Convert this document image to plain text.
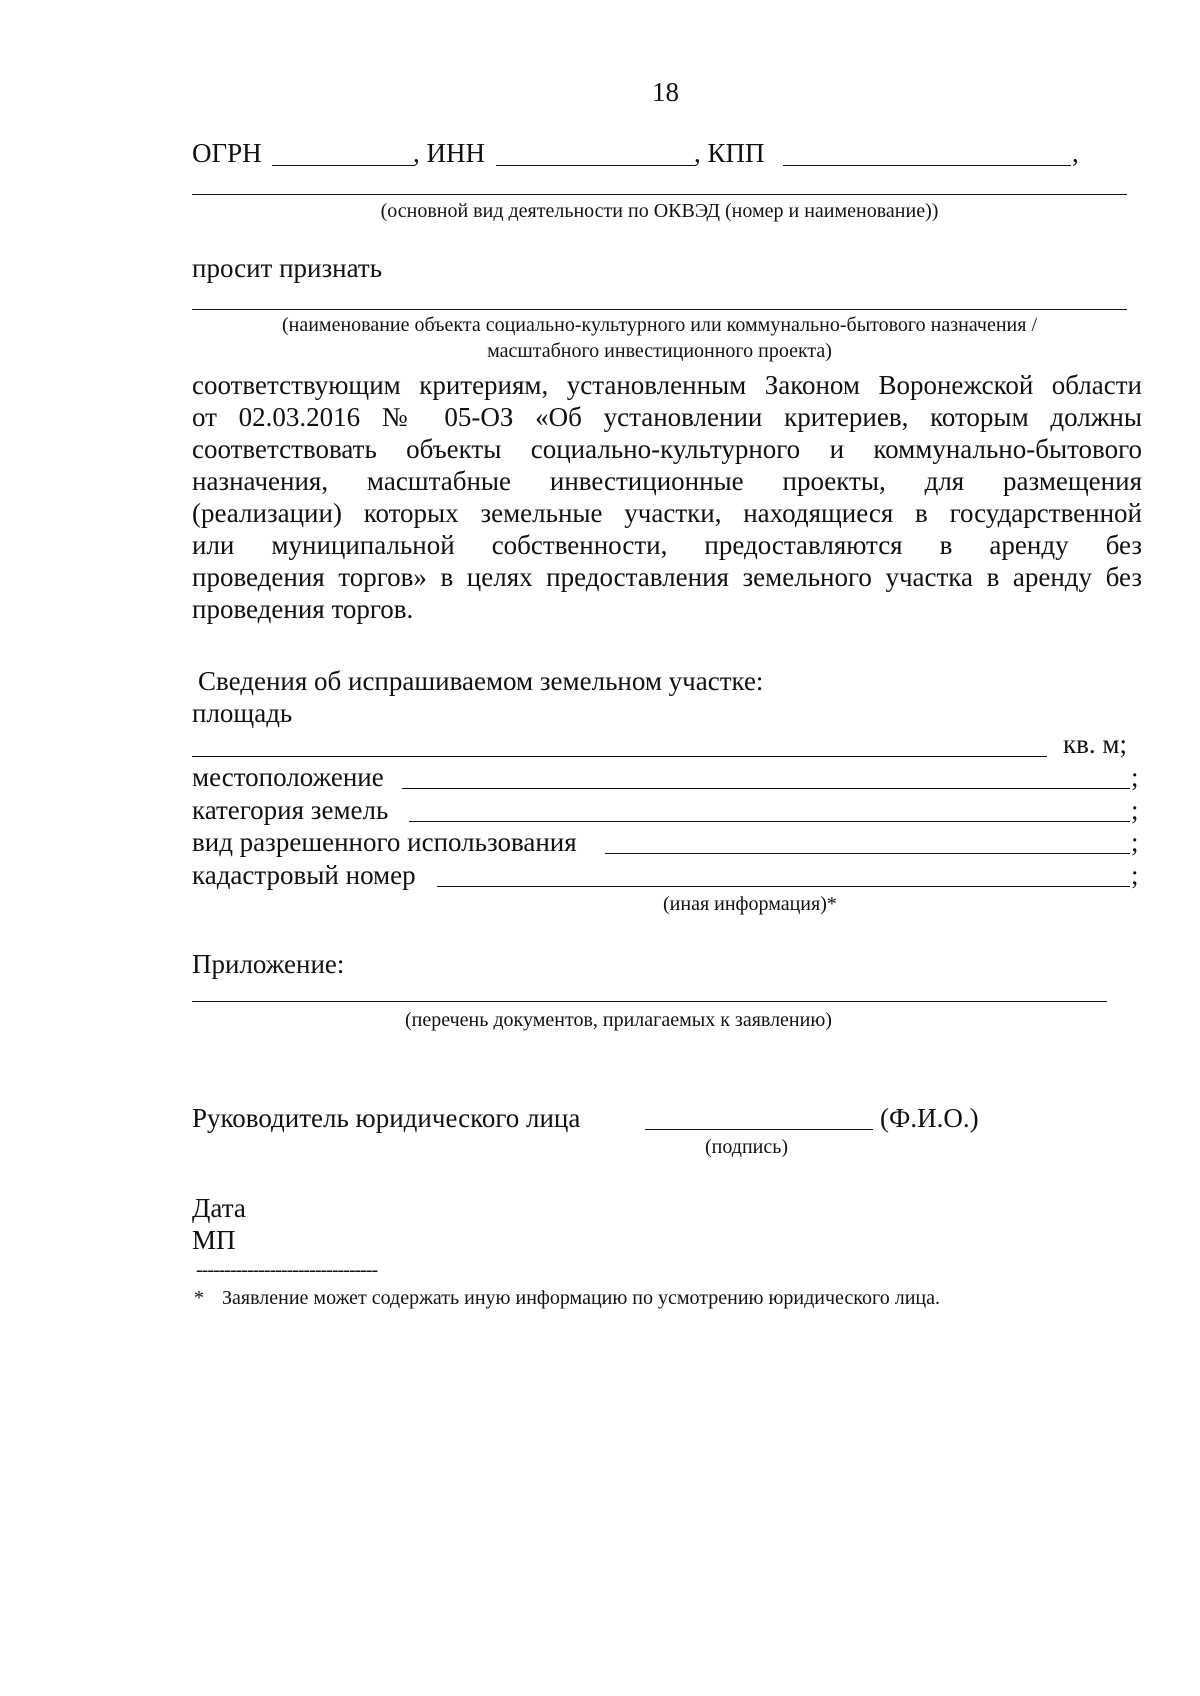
18
ОГРН	, ИНН	, КПП	,
(основной вид деятельности по ОКВЭД (номер и наименование))
просит признать
(наименование объекта социально-культурного или коммунально-бытового назначения /
масштабного инвестиционного проекта)
соответствующим критериям, установленным Законом Воронежской области
от 02.03.2016 № 05-ОЗ «Об установлении критериев, которым должны
соответствовать объекты социально-культурного и коммунально-бытового
назначения, масштабные инвестиционные проекты, для размещения
(реализации) которых земельные участки, находящиеся в государственной
или муниципальной собственности, предоставляются в аренду без
проведения торгов» в целях предоставления земельного участка в аренду без
проведения торгов.
Сведения об испрашиваемом земельном участке:
площадь
кв. м;
местоположение	;
категория земель	;
вид разрешенного использования	;
кадастровый номер	;
(иная информация)*
Приложение:
(перечень документов, прилагаемых к заявлению)
Руководитель юридического лица	(Ф.И.О.)
(подпись)
Дата
МП
--------------------------------
* Заявление может содержать иную информацию по усмотрению юридического лица.
